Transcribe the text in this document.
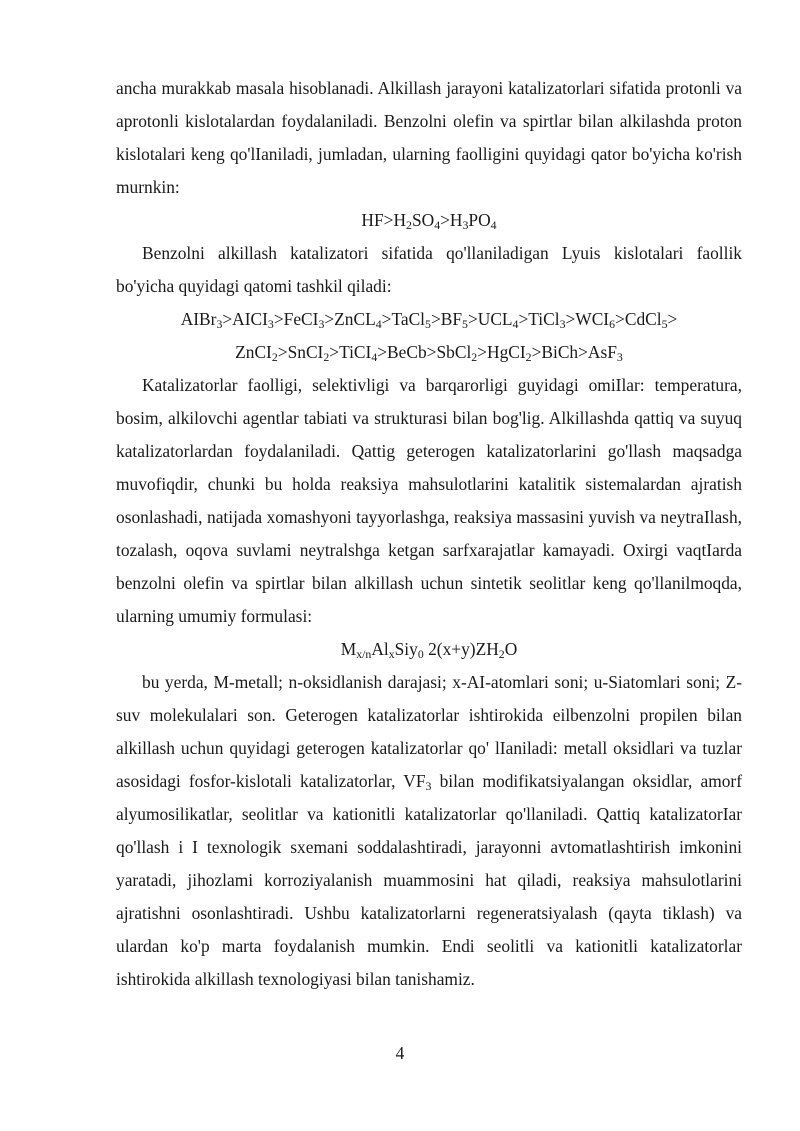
ancha murakkab masala hisoblanadi. Alkillash jarayoni katalizatorlari sifatida protonli va aprotonli kislotalardan foydalaniladi. Benzolni olefin va spirtlar bilan alkilashda proton kislotalari keng qo'lIaniladi, jumladan, ularning faolligini quyidagi qator bo'yicha ko'rish murnkin:

$HF>H_2SO_4>H_3PO_4$

Benzolni alkillash katalizatori sifatida qo'llaniladigan Lyuis kislotalari faollik bo'yicha quyidagi qatomi tashkil qiladi:

$AIBr_3>AICI_3>FeCI_3>ZnCL_4>TaCl_5>BF_5>UCL_4>TiCl_3>WCI_6>CdCl_5>$
ZnCI$_2$>SnCI$_2$>TiCI$_4$>BeCb>SbCl$_2$>HgCI$_2$>BiCh>AsF$_3$

Katalizatorlar faolligi, selektivligi va barqarorligi guyidagi omiIlar: temperatura, bosim, alkilovchi agentlar tabiati va strukturasi bilan bog'lig. Alkillashda qattiq va suyuq katalizatorlardan foydalaniladi. Qattig geterogen katalizatorlarini go'llash maqsadga muvofiqdir, chunki bu holda reaksiya mahsulotlarini katalitik sistemalardan ajratish osonlashadi, natijada xomashyoni tayyorlashga, reaksiya massasini yuvish va neytraIlash, tozalash, oqova suvlami neytralshga ketgan sarfxarajatlar kamayadi. Oxirgi vaqtIarda benzolni olefin va spirtlar bilan alkillash uchun sintetik seolitlar keng qo'llanilmoqda, ularning umumiy formulasi:

$M_{x/n}Al_xSiy_0$ $2(x+y)ZH_2O$

bu yerda, M-metall; n-oksidlanish darajasi; x-AI-atomlari soni; u-Siatomlari soni; Z-suv molekulalari son. Geterogen katalizatorlar ishtirokida eilbenzolni propilen bilan alkillash uchun quyidagi geterogen katalizatorlar qo' lIaniladi: metall oksidlari va tuzlar asosidagi fosfor-kislotali katalizatorlar, $VF_3$ bilan modifikatsiyalangan oksidlar, amorf alyumosilikatlar, seolitlar va kationitli katalizatorlar qo'llaniladi. Qattiq katalizatorIar qo'llash i I texnologik sxemani soddalashtiradi, jarayonni avtomatlashtirish imkonini yaratadi, jihozlami korroziyalanish muammosini hat qiladi, reaksiya mahsulotlarini ajratishni osonlashtiradi. Ushbu katalizatorlarni regeneratsiyalash (qayta tiklash) va ulardan ko'p marta foydalanish mumkin. Endi seolitli va kationitli katalizatorlar ishtirokida alkillash texnologiyasi bilan tanishamiz.

4
